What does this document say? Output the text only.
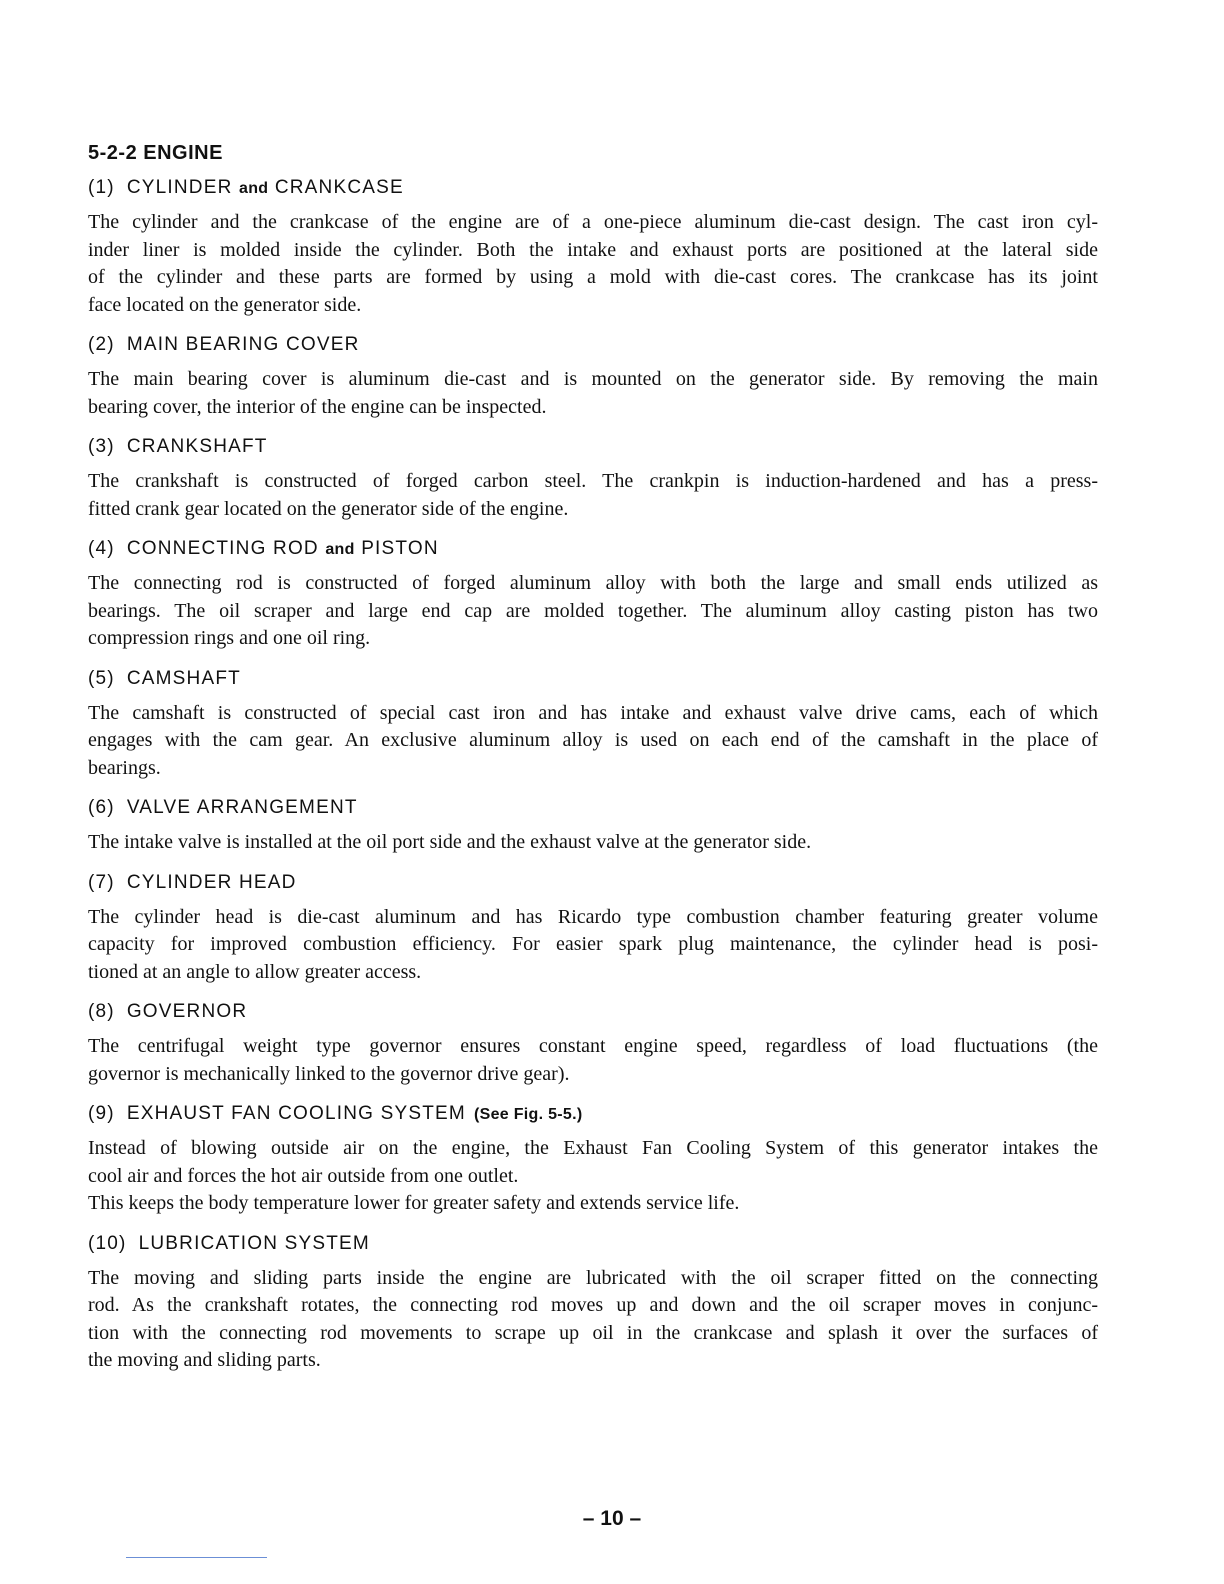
5-2-2 ENGINE
(1) CYLINDER and CRANKCASE

The cylinder and the crankcase of the engine are of a one-piece aluminum die-cast design. The cast iron cyl-
inder liner is molded inside the cylinder. Both the intake and exhaust ports are positioned at the lateral side
of the cylinder and these parts are formed by using a mold with die-cast cores. The crankcase has its joint
face located on the generator side.

(2) MAIN BEARING COVER

The main bearing cover is aluminum die-cast and is mounted on the generator side. By removing the main
bearing cover, the interior of the engine can be inspected.

(3) CRANKSHAFT

The crankshaft is constructed of forged carbon steel. The crankpin is induction-hardened and has a press-
fitted crank gear located on the generator side of the engine.

(4) CONNECTING ROD and PISTON

The connecting rod is constructed of forged aluminum alloy with both the large and small ends utilized as
bearings. The oil scraper and large end cap are molded together. The aluminum alloy casting piston has two
compression rings and one oil ring.

(5) CAMSHAFT

The camshaft is constructed of special cast iron and has intake and exhaust valve drive cams, each of which
engages with the cam gear. An exclusive aluminum alloy is used on each end of the camshaft in the place of
bearings.

(6) VALVE ARRANGEMENT

The intake valve is installed at the oil port side and the exhaust valve at the generator side.

(7) CYLINDER HEAD

The cylinder head is die-cast aluminum and has Ricardo type combustion chamber featuring greater volume
capacity for improved combustion efficiency. For easier spark plug maintenance, the cylinder head is posi-
tioned at an angle to allow greater access.

(8) GOVERNOR

The centrifugal weight type governor ensures constant engine speed, regardless of load fluctuations (the
governor is mechanically linked to the governor drive gear).

(9) EXHAUST FAN COOLING SYSTEM (See Fig. 5-5.)

Instead of blowing outside air on the engine, the Exhaust Fan Cooling System of this generator intakes the
cool air and forces the hot air outside from one outlet.
This keeps the body temperature lower for greater safety and extends service life.

(10) LUBRICATION SYSTEM

The moving and sliding parts inside the engine are lubricated with the oil scraper fitted on the connecting
rod. As the crankshaft rotates, the connecting rod moves up and down and the oil scraper moves in conjunc-
tion with the connecting rod movements to scrape up oil in the crankcase and splash it over the surfaces of
the moving and sliding parts.

– 10 –
